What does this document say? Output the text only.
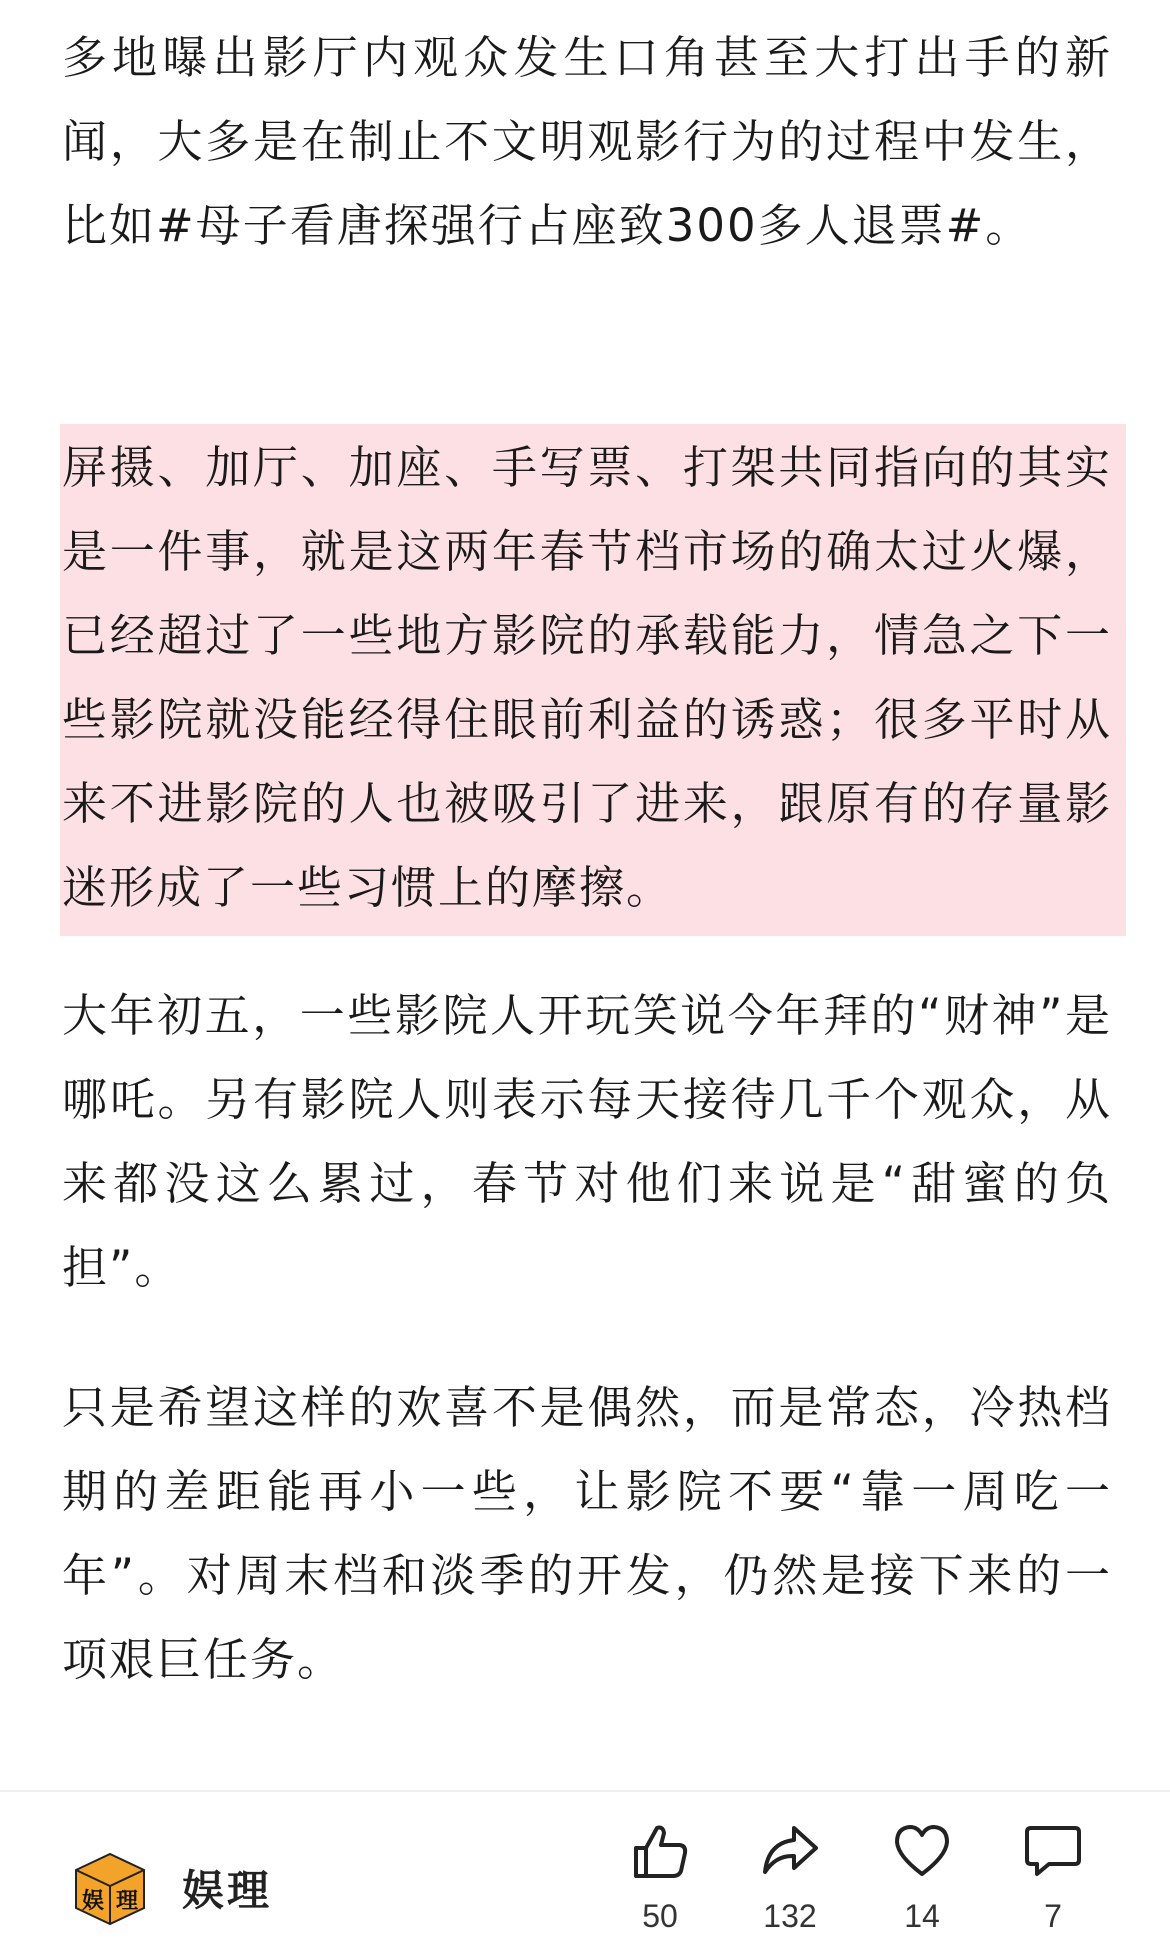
多地曝出影厅内观众发生口角甚至大打出手的新闻，大多是在制止不文明观影行为的过程中发生，比如#母子看唐探强行占座致300多人退票#。

屏摄、加厅、加座、手写票、打架共同指向的其实是一件事，就是这两年春节档市场的确太过火爆，已经超过了一些地方影院的承载能力，情急之下一些影院就没能经得住眼前利益的诱惑；很多平时从来不进影院的人也被吸引了进来，跟原有的存量影迷形成了一些习惯上的摩擦。

大年初五，一些影院人开玩笑说今年拜的“财神”是哪吒。另有影院人则表示每天接待几千个观众，从来都没这么累过，春节对他们来说是“甜蜜的负担”。

只是希望这样的欢喜不是偶然，而是常态，冷热档期的差距能再小一些，让影院不要“靠一周吃一年”。对周末档和淡季的开发，仍然是接下来的一项艰巨任务。

娱 理 娱理
50	132	14	7
